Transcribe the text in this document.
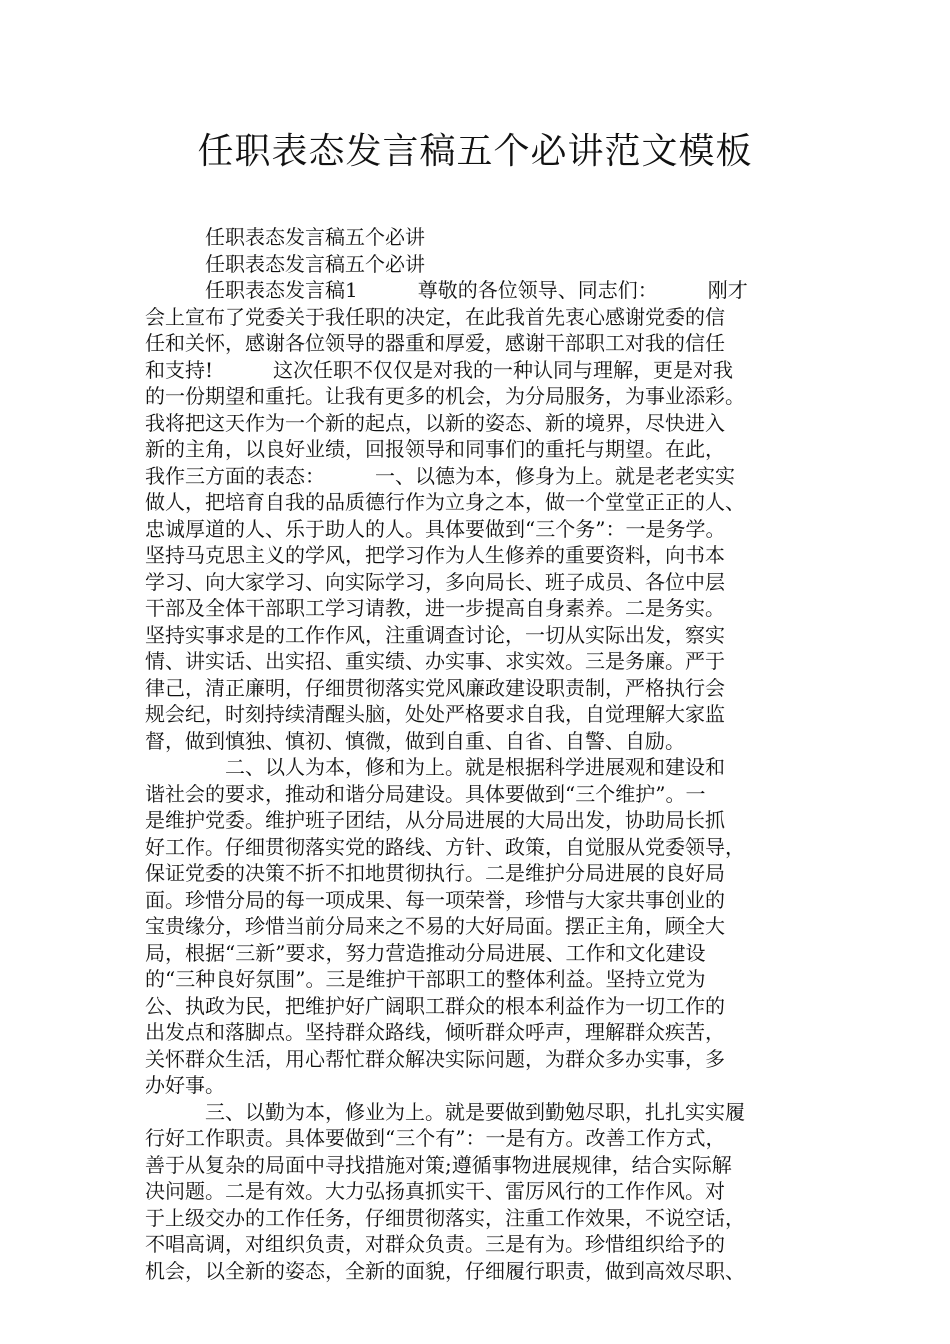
任职表态发言稿五个必讲范文模板
　　　任职表态发言稿五个必讲
　　　任职表态发言稿五个必讲
　　　任职表态发言稿1　　　尊敬的各位领导、同志们：　　　刚才
会上宣布了党委关于我任职的决定，在此我首先衷心感谢党委的信
任和关怀，感谢各位领导的器重和厚爱，感谢干部职工对我的信任
和支持!　　　这次任职不仅仅是对我的一种认同与理解，更是对我
的一份期望和重托。让我有更多的机会，为分局服务，为事业添彩。
我将把这天作为一个新的起点，以新的姿态、新的境界，尽快进入
新的主角，以良好业绩，回报领导和同事们的重托与期望。在此，
我作三方面的表态：　　　一、以德为本，修身为上。就是老老实实
做人，把培育自我的品质德行作为立身之本，做一个堂堂正正的人、
忠诚厚道的人、乐于助人的人。具体要做到“三个务”：一是务学。
坚持马克思主义的学风，把学习作为人生修养的重要资料，向书本
学习、向大家学习、向实际学习，多向局长、班子成员、各位中层
干部及全体干部职工学习请教，进一步提高自身素养。二是务实。
坚持实事求是的工作作风，注重调查讨论，一切从实际出发，察实
情、讲实话、出实招、重实绩、办实事、求实效。三是务廉。严于
律己，清正廉明，仔细贯彻落实党风廉政建设职责制，严格执行会
规会纪，时刻持续清醒头脑，处处严格要求自我，自觉理解大家监
督，做到慎独、慎初、慎微，做到自重、自省、自警、自励。
　　　　二、以人为本，修和为上。就是根据科学进展观和建设和
谐社会的要求，推动和谐分局建设。具体要做到“三个维护”。一
是维护党委。维护班子团结，从分局进展的大局出发，协助局长抓
好工作。仔细贯彻落实党的路线、方针、政策，自觉服从党委领导，
保证党委的决策不折不扣地贯彻执行。二是维护分局进展的良好局
面。珍惜分局的每一项成果、每一项荣誉，珍惜与大家共事创业的
宝贵缘分，珍惜当前分局来之不易的大好局面。摆正主角，顾全大
局，根据“三新”要求，努力营造推动分局进展、工作和文化建设
的“三种良好氛围”。三是维护干部职工的整体利益。坚持立党为
公、执政为民，把维护好广阔职工群众的根本利益作为一切工作的
出发点和落脚点。坚持群众路线，倾听群众呼声，理解群众疾苦，
关怀群众生活，用心帮忙群众解决实际问题，为群众多办实事，多
办好事。
　　　三、以勤为本，修业为上。就是要做到勤勉尽职，扎扎实实履
行好工作职责。具体要做到“三个有”：一是有方。改善工作方式，
善于从复杂的局面中寻找措施对策;遵循事物进展规律，结合实际解
决问题。二是有效。大力弘扬真抓实干、雷厉风行的工作作风。对
于上级交办的工作任务，仔细贯彻落实，注重工作效果，不说空话，
不唱高调，对组织负责，对群众负责。三是有为。珍惜组织给予的
机会，以全新的姿态，全新的面貌，仔细履行职责，做到高效尽职、
